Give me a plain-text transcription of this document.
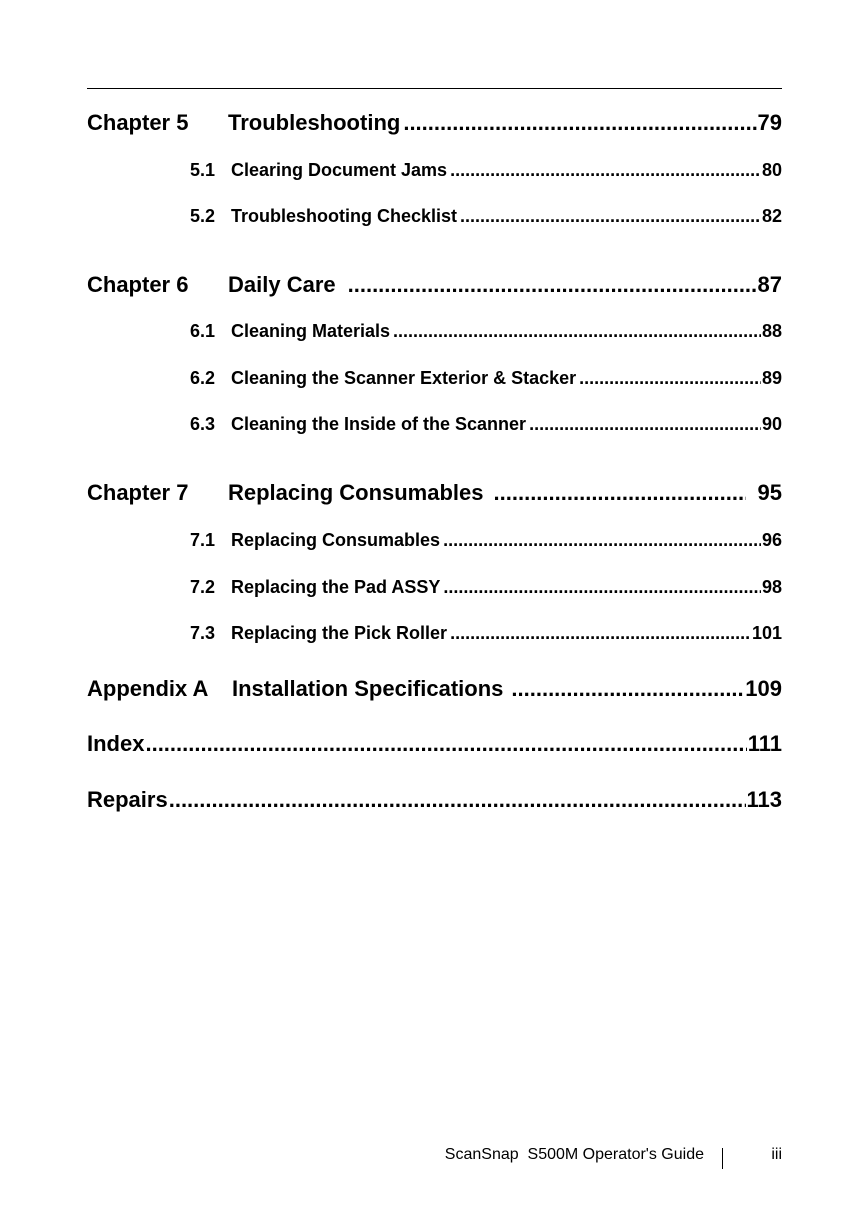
Chapter 5	Troubleshooting .....	79
5.1 Clearing Document Jams .....	80
5.2 Troubleshooting Checklist .....	82
Chapter 6	Daily Care .....	87
6.1 Cleaning Materials .....	88
6.2 Cleaning the Scanner Exterior & Stacker .....	89
6.3 Cleaning the Inside of the Scanner .....	90
Chapter 7	Replacing Consumables .....	95
7.1 Replacing Consumables .....	96
7.2 Replacing the Pad ASSY .....	98
7.3 Replacing the Pick Roller .....	101
Appendix A	Installation Specifications .....	109
Index .....	111
Repairs .....	113
ScanSnap  S500M Operator's Guide	iii
